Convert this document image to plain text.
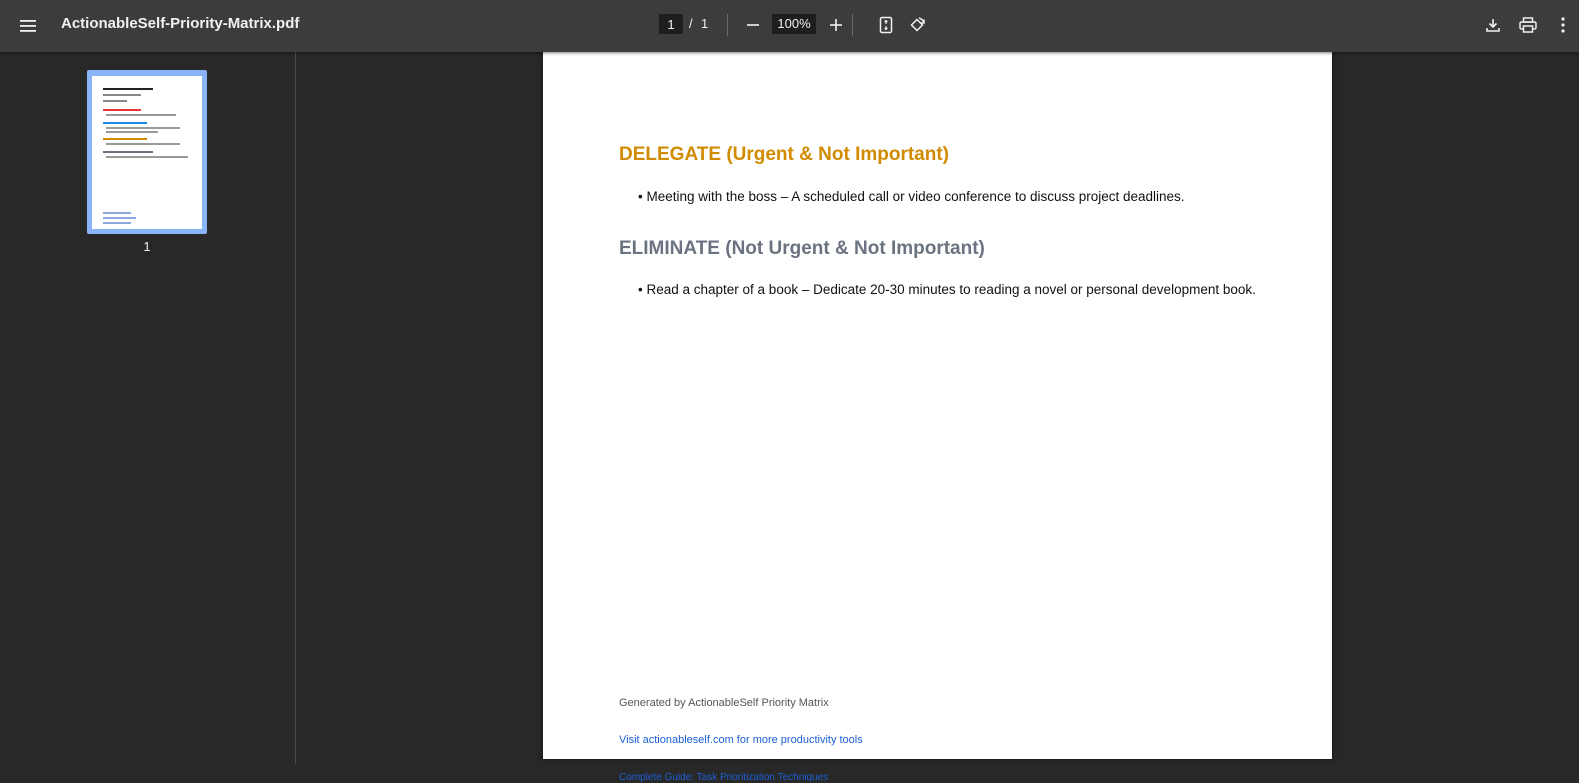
ActionableSelf-Priority-Matrix.pdf
1	/ 1	100%
1
DELEGATE (Urgent & Not Important)
• Meeting with the boss – A scheduled call or video conference to discuss project deadlines.
ELIMINATE (Not Urgent & Not Important)
• Read a chapter of a book – Dedicate 20-30 minutes to reading a novel or personal development book.
Generated by ActionableSelf Priority Matrix
Visit actionableself.com for more productivity tools
Complete Guide: Task Prioritization Techniques
